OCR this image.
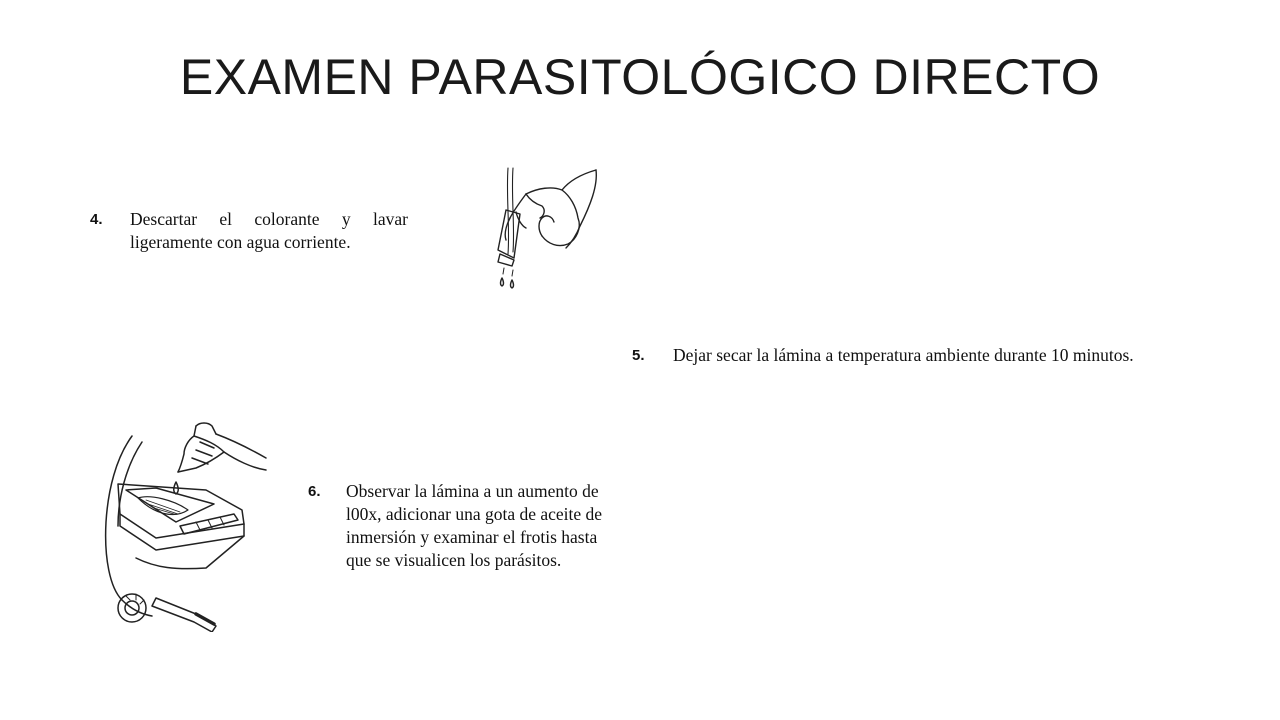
EXAMEN PARASITOLÓGICO DIRECTO
4. Descartar el colorante y lavar ligeramente con agua corriente.
5. Dejar secar la lámina a temperatura ambiente durante 10 minutos.
6. Observar la lámina a un aumento de l00x, adicionar una gota de aceite de inmersión y examinar el frotis hasta que se visualicen los parásitos.
